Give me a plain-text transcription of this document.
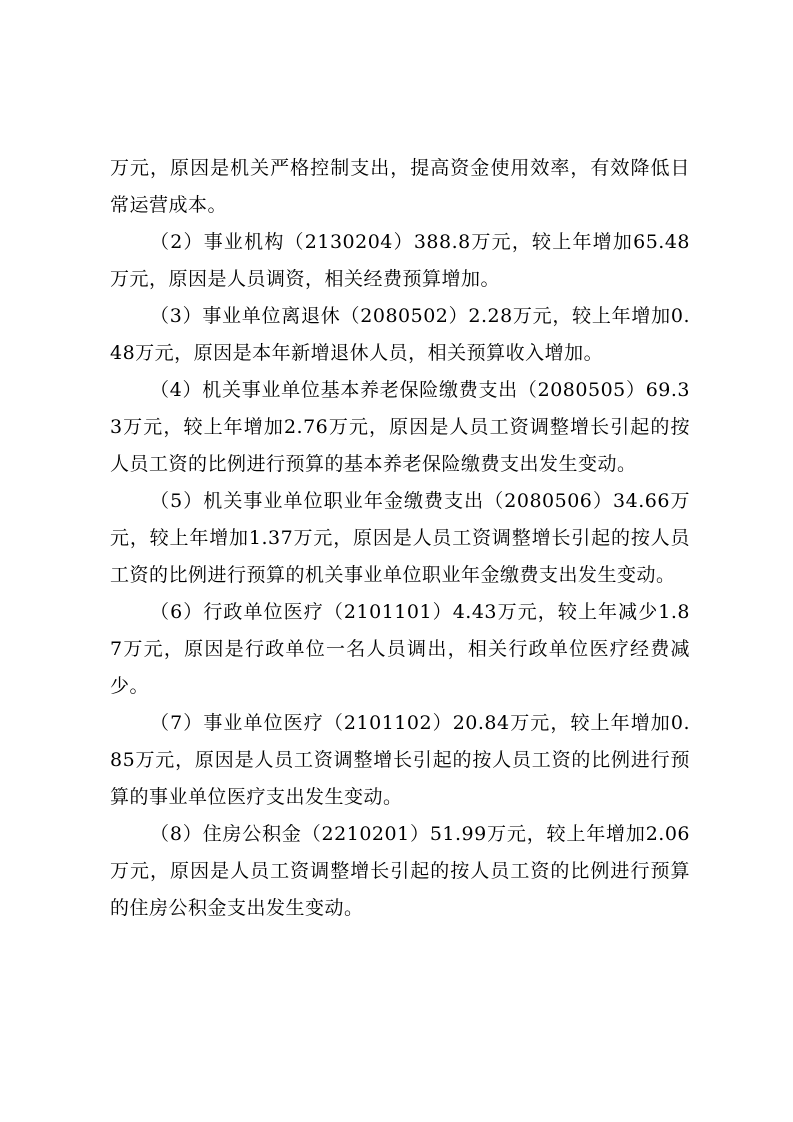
万元，原因是机关严格控制支出，提高资金使用效率，有效降低日常运营成本。

（2）事业机构（2130204）388.8万元，较上年增加65.48万元，原因是人员调资，相关经费预算增加。

（3）事业单位离退休（2080502）2.28万元，较上年增加0.48万元，原因是本年新增退休人员，相关预算收入增加。

（4）机关事业单位基本养老保险缴费支出（2080505）69.33万元，较上年增加2.76万元，原因是人员工资调整增长引起的按人员工资的比例进行预算的基本养老保险缴费支出发生变动。

（5）机关事业单位职业年金缴费支出（2080506）34.66万元，较上年增加1.37万元，原因是人员工资调整增长引起的按人员工资的比例进行预算的机关事业单位职业年金缴费支出发生变动。

（6）行政单位医疗（2101101）4.43万元，较上年减少1.87万元，原因是行政单位一名人员调出，相关行政单位医疗经费减少。

（7）事业单位医疗（2101102）20.84万元，较上年增加0.85万元，原因是人员工资调整增长引起的按人员工资的比例进行预算的事业单位医疗支出发生变动。

（8）住房公积金（2210201）51.99万元，较上年增加2.06万元，原因是人员工资调整增长引起的按人员工资的比例进行预算的住房公积金支出发生变动。
